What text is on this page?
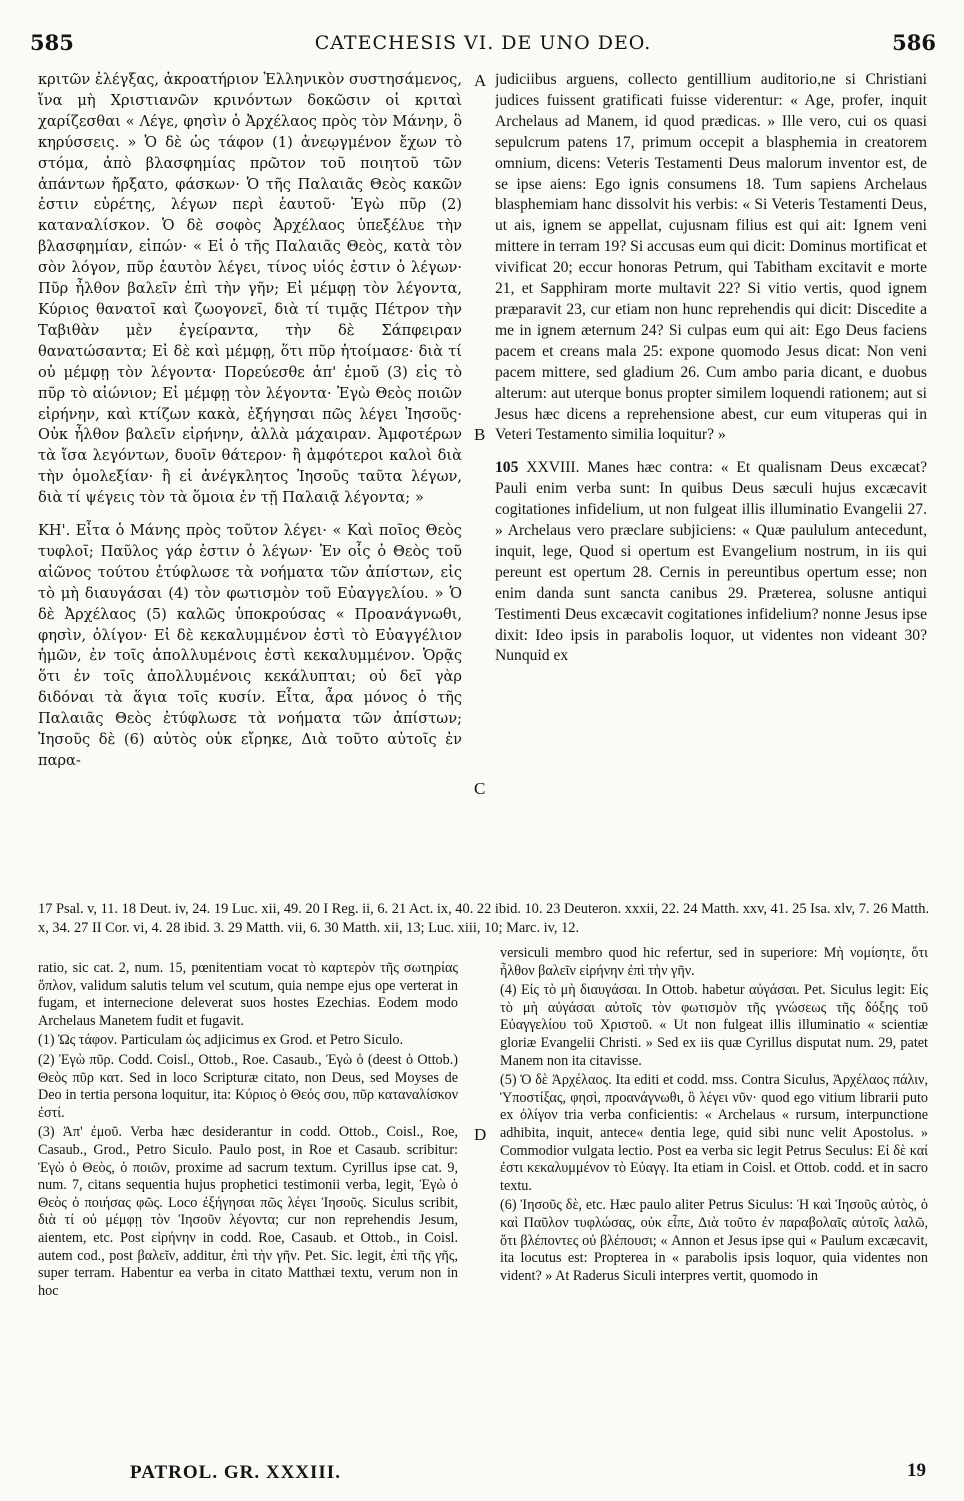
585	CATECHESIS VI. DE UNO DEO.	586

κριτῶν ἐλέγξας, ἀκροατήριον Ἑλληνικὸν συστησάμενος, ἵνα μὴ Χριστιανῶν κρινόντων δοκῶσιν οἱ κριταὶ χαρίζεσθαι « Λέγε, φησὶν ὁ Ἀρχέλαος πρὸς τὸν Μάνην, ὃ κηρύσσεις. » Ὁ δὲ ὡς τάφον (1) ἀνεῳγμένον ἔχων τὸ στόμα, ἀπὸ βλασφημίας πρῶτον τοῦ ποιητοῦ τῶν ἁπάντων ἤρξατο, φάσκων· Ὁ τῆς Παλαιᾶς Θεὸς κακῶν ἐστιν εὑρέτης, λέγων περὶ ἑαυτοῦ· Ἐγὼ πῦρ (2) καταναλίσκον. Ὁ δὲ σοφὸς Ἀρχέλαος ὑπεξέλυε τὴν βλασφημίαν, εἰπών· « Εἰ ὁ τῆς Παλαιᾶς Θεὸς, κατὰ τὸν σὸν λόγον, πῦρ ἑαυτὸν λέγει, τίνος υἱός ἐστιν ὁ λέγων· Πῦρ ἦλθον βαλεῖν ἐπὶ τὴν γῆν; Εἰ μέμφῃ τὸν λέγοντα, Κύριος θανατοῖ καὶ ζωογονεῖ, διὰ τί τιμᾷς Πέτρον τὴν Ταβιθὰν μὲν ἐγείραντα, τὴν δὲ Σάπφειραν θανατώσαντα; Εἰ δὲ καὶ μέμφῃ, ὅτι πῦρ ἡτοίμασε· διὰ τί οὐ μέμφῃ τὸν λέγοντα· Πορεύεσθε ἀπ' ἐμοῦ (3) εἰς τὸ πῦρ τὸ αἰώνιον; Εἰ μέμφῃ τὸν λέγοντα· Ἐγὼ Θεὸς ποιῶν εἰρήνην, καὶ κτίζων κακὰ, ἐξήγησαι πῶς λέγει Ἰησοῦς· Οὐκ ἦλθον βαλεῖν εἰρήνην, ἀλλὰ μάχαιραν. Ἀμφοτέρων τὰ ἴσα λεγόντων, δυοῖν θάτερον· ἢ ἀμφότεροι καλοὶ διὰ τὴν ὁμολεξίαν· ἢ εἰ ἀνέγκλητος Ἰησοῦς ταῦτα λέγων, διὰ τί ψέγεις τὸν τὰ ὅμοια ἐν τῇ Παλαιᾷ λέγοντα; »

ΚΗ'. Εἶτα ὁ Μάνης πρὸς τοῦτον λέγει· « Καὶ ποῖος Θεὸς τυφλοῖ; Παῦλος γάρ ἐστιν ὁ λέγων· Ἐν οἷς ὁ Θεὸς τοῦ αἰῶνος τούτου ἐτύφλωσε τὰ νοήματα τῶν ἀπίστων, εἰς τὸ μὴ διαυγάσαι (4) τὸν φωτισμὸν τοῦ Εὐαγγελίου. » Ὁ δὲ Ἀρχέλαος (5) καλῶς ὑποκρούσας « Προανάγνωθι, φησὶν, ὀλίγον· Εἰ δὲ κεκαλυμμένον ἐστὶ τὸ Εὐαγγέλιον ἡμῶν, ἐν τοῖς ἀπολλυμένοις ἐστὶ κεκαλυμμένον. Ὁρᾷς ὅτι ἐν τοῖς ἀπολλυμένοις κεκάλυπται; οὐ δεῖ γὰρ διδόναι τὰ ἅγια τοῖς κυσίν. Εἶτα, ἆρα μόνος ὁ τῆς Παλαιᾶς Θεὸς ἐτύφλωσε τὰ νοήματα τῶν ἀπίστων; Ἰησοῦς δὲ (6) αὐτὸς οὐκ εἴρηκε, Διὰ τοῦτο αὐτοῖς ἐν παρα-

A
B
C
D

judiciibus arguens, collecto gentillium auditorio,ne si Christiani judices fuissent gratificati fuisse viderentur: « Age, profer, inquit Archelaus ad Manem, id quod prædicas. » Ille vero, cui os quasi sepulcrum patens 17, primum occepit a blasphemia in creatorem omnium, dicens: Veteris Testamenti Deus malorum inventor est, de se ipse aiens: Ego ignis consumens 18. Tum sapiens Archelaus blasphemiam hanc dissolvit his verbis: « Si Veteris Testamenti Deus, ut ais, ignem se appellat, cujusnam filius est qui ait: Ignem veni mittere in terram 19? Si accusas eum qui dicit: Dominus mortificat et vivificat 20; eccur honoras Petrum, qui Tabitham excitavit e morte 21, et Sapphiram morte multavit 22? Si vitio vertis, quod ignem præparavit 23, cur etiam non hunc reprehendis qui dicit: Discedite a me in ignem æternum 24? Si culpas eum qui ait: Ego Deus faciens pacem et creans mala 25: expone quomodo Jesus dicat: Non veni pacem mittere, sed gladium 26. Cum ambo paria dicant, e duobus alterum: aut uterque bonus propter similem loquendi rationem; aut si Jesus hæc dicens a reprehensione abest, cur eum vituperas qui in Veteri Testamento similia loquitur? »

105 XXVIII. Manes hæc contra: « Et qualisnam Deus excæcat? Pauli enim verba sunt: In quibus Deus sæculi hujus excæcavit cogitationes infidelium, ut non fulgeat illis illuminatio Evangelii 27. » Archelaus vero præclare subjiciens: « Quæ paululum antecedunt, inquit, lege, Quod si opertum est Evangelium nostrum, in iis qui pereunt est opertum 28. Cernis in pereuntibus opertum esse; non enim danda sunt sancta canibus 29. Præterea, solusne antiqui Testimenti Deus excæcavit cogitationes infidelium? nonne Jesus ipse dixit: Ideo ipsis in parabolis loquor, ut videntes non videant 30? Nunquid ex

17 Psal. v, 11. 18 Deut. iv, 24. 19 Luc. xii, 49. 20 I Reg. ii, 6. 21 Act. ix, 40. 22 ibid. 10. 23 Deuteron. xxxii, 22. 24 Matth. xxv, 41. 25 Isa. xlv, 7. 26 Matth. x, 34. 27 II Cor. vi, 4. 28 ibid. 3. 29 Matth. vii, 6. 30 Matth. xii, 13; Luc. xiii, 10; Marc. iv, 12.

ratio, sic cat. 2, num. 15, pœnitentiam vocat τὸ καρτερὸν τῆς σωτηρίας ὅπλον, validum salutis telum vel scutum, quia nempe ejus ope verterat in fugam, et internecione deleverat suos hostes Ezechias. Eodem modo Archelaus Manetem fudit et fugavit.

(1) Ὡς τάφον. Particulam ὡς adjicimus ex Grod. et Petro Siculo.

(2) Ἐγὼ πῦρ. Codd. Coisl., Ottob., Roe. Casaub., Ἐγὼ ὁ (deest ὁ Ottob.) Θεὸς πῦρ κατ. Sed in loco Scripturæ citato, non Deus, sed Moyses de Deo in tertia persona loquitur, ita: Κύριος ὁ Θεός σου, πῦρ καταναλίσκον ἐστί.

(3) Ἀπ' ἐμοῦ. Verba hæc desiderantur in codd. Ottob., Coisl., Roe, Casaub., Grod., Petro Siculo. Paulo post, in Roe et Casaub. scribitur: Ἐγὼ ὁ Θεὸς, ὁ ποιῶν, proxime ad sacrum textum. Cyrillus ipse cat. 9, num. 7, citans sequentia hujus prophetici testimonii verba, legit, Ἐγὼ ὁ Θεὸς ὁ ποιήσας φῶς. Loco ἐξήγησαι πῶς λέγει Ἰησοῦς. Siculus scribit, διὰ τί οὐ μέμφῃ τὸν Ἰησοῦν λέγοντα; cur non reprehendis Jesum, aientem, etc. Post εἰρήνην in codd. Roe, Casaub. et Ottob., in Coisl. autem cod., post βαλεῖν, additur, ἐπὶ τὴν γῆν. Pet. Sic. legit, ἐπὶ τῆς γῆς, super terram. Habentur ea verba in citato Matthæi textu, verum non in hoc

versiculi membro quod hic refertur, sed in superiore: Μὴ νομίσητε, ὅτι ἦλθον βαλεῖν εἰρήνην ἐπὶ τὴν γῆν.

(4) Εἰς τὸ μὴ διαυγάσαι. In Ottob. habetur αὐγάσαι. Pet. Siculus legit: Εἰς τὸ μὴ αὐγάσαι αὐτοῖς τὸν φωτισμὸν τῆς γνώσεως τῆς δόξης τοῦ Εὐαγγελίου τοῦ Χριστοῦ. « Ut non fulgeat illis illuminatio « scientiæ gloriæ Evangelii Christi. » Sed ex iis quæ Cyrillus disputat num. 29, patet Manem non ita citavisse.

(5) Ὁ δὲ Ἀρχέλαος. Ita editi et codd. mss. Contra Siculus, Ἀρχέλαος πάλιν, Ὑποστίξας, φησὶ, προανάγνωθι, ὃ λέγει νῦν· quod ego vitium librarii puto ex ὀλίγον tria verba conficientis: « Archelaus « rursum, interpunctione adhibita, inquit, antece« dentia lege, quid sibi nunc velit Apostolus. » Commodior vulgata lectio. Post ea verba sic legit Petrus Seculus: Εἰ δὲ καί ἐστι κεκαλυμμένον τὸ Εὐαγγ. Ita etiam in Coisl. et Ottob. codd. et in sacro textu.

(6) Ἰησοῦς δὲ, etc. Hæc paulo aliter Petrus Siculus: Ἡ καὶ Ἰησοῦς αὐτὸς, ὁ καὶ Παῦλον τυφλώσας, οὐκ εἶπε, Διὰ τοῦτο ἐν παραβολαῖς αὐτοῖς λαλῶ, ὅτι βλέποντες οὐ βλέπουσι; « Annon et Jesus ipse qui « Paulum excæcavit, ita locutus est: Propterea in « parabolis ipsis loquor, quia videntes non vident? » At Raderus Siculi interpres vertit, quomodo in

PATROL. GR. XXXIII.	19
